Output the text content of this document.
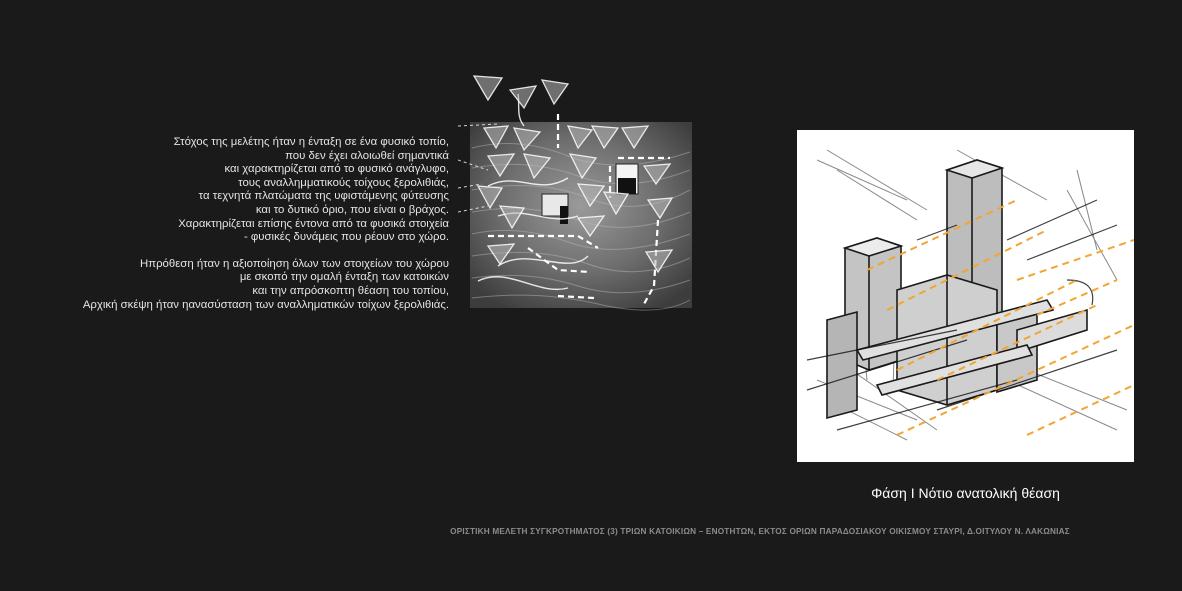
Στόχος της μελέτης ήταν η ένταξη σε ένα φυσικό τοπίο,
που δεν έχει αλοιωθεί σημαντικά
και χαρακτηρίζεται από το φυσικό ανάγλυφο,
τους αναλλημματικούς τοίχους ξερολιθιάς,
τα τεχνητά πλατώματα της υφιστάμενης φύτευσης
και το δυτικό όριο, που είναι ο βράχος.
Χαρακτηρίζεται επίσης έντονα από τα φυσικά στοιχεία
- φυσικές δυνάμεις που ρέουν στο χώρο.

Ηπρόθεση ήταν η αξιοποίηση όλων των στοιχείων του χώρου
με σκοπό την ομαλή ένταξη των κατοικών
και την απρόσκοπτη θέαση του τοπίου,
Αρχική σκέψη ήταν ηανασύσταση των αναλληματικών τοίχων ξερολιθιάς.

Φάση Ι Νότιο ανατολική θέαση
ΟΡΙΣΤΙΚΗ ΜΕΛΕΤΗ ΣΥΓΚΡΟΤΗΜΑΤΟΣ (3) ΤΡΙΩΝ ΚΑΤΟΙΚΙΩΝ – ΕΝΟΤΗΤΩΝ, ΕΚΤΟΣ ΟΡΙΩΝ ΠΑΡΑΔΟΣΙΑΚΟΥ ΟΙΚΙΣΜΟΥ ΣΤΑΥΡΙ, Δ.ΟΙΤΥΛΟΥ Ν. ΛΑΚΩΝΙΑΣ
